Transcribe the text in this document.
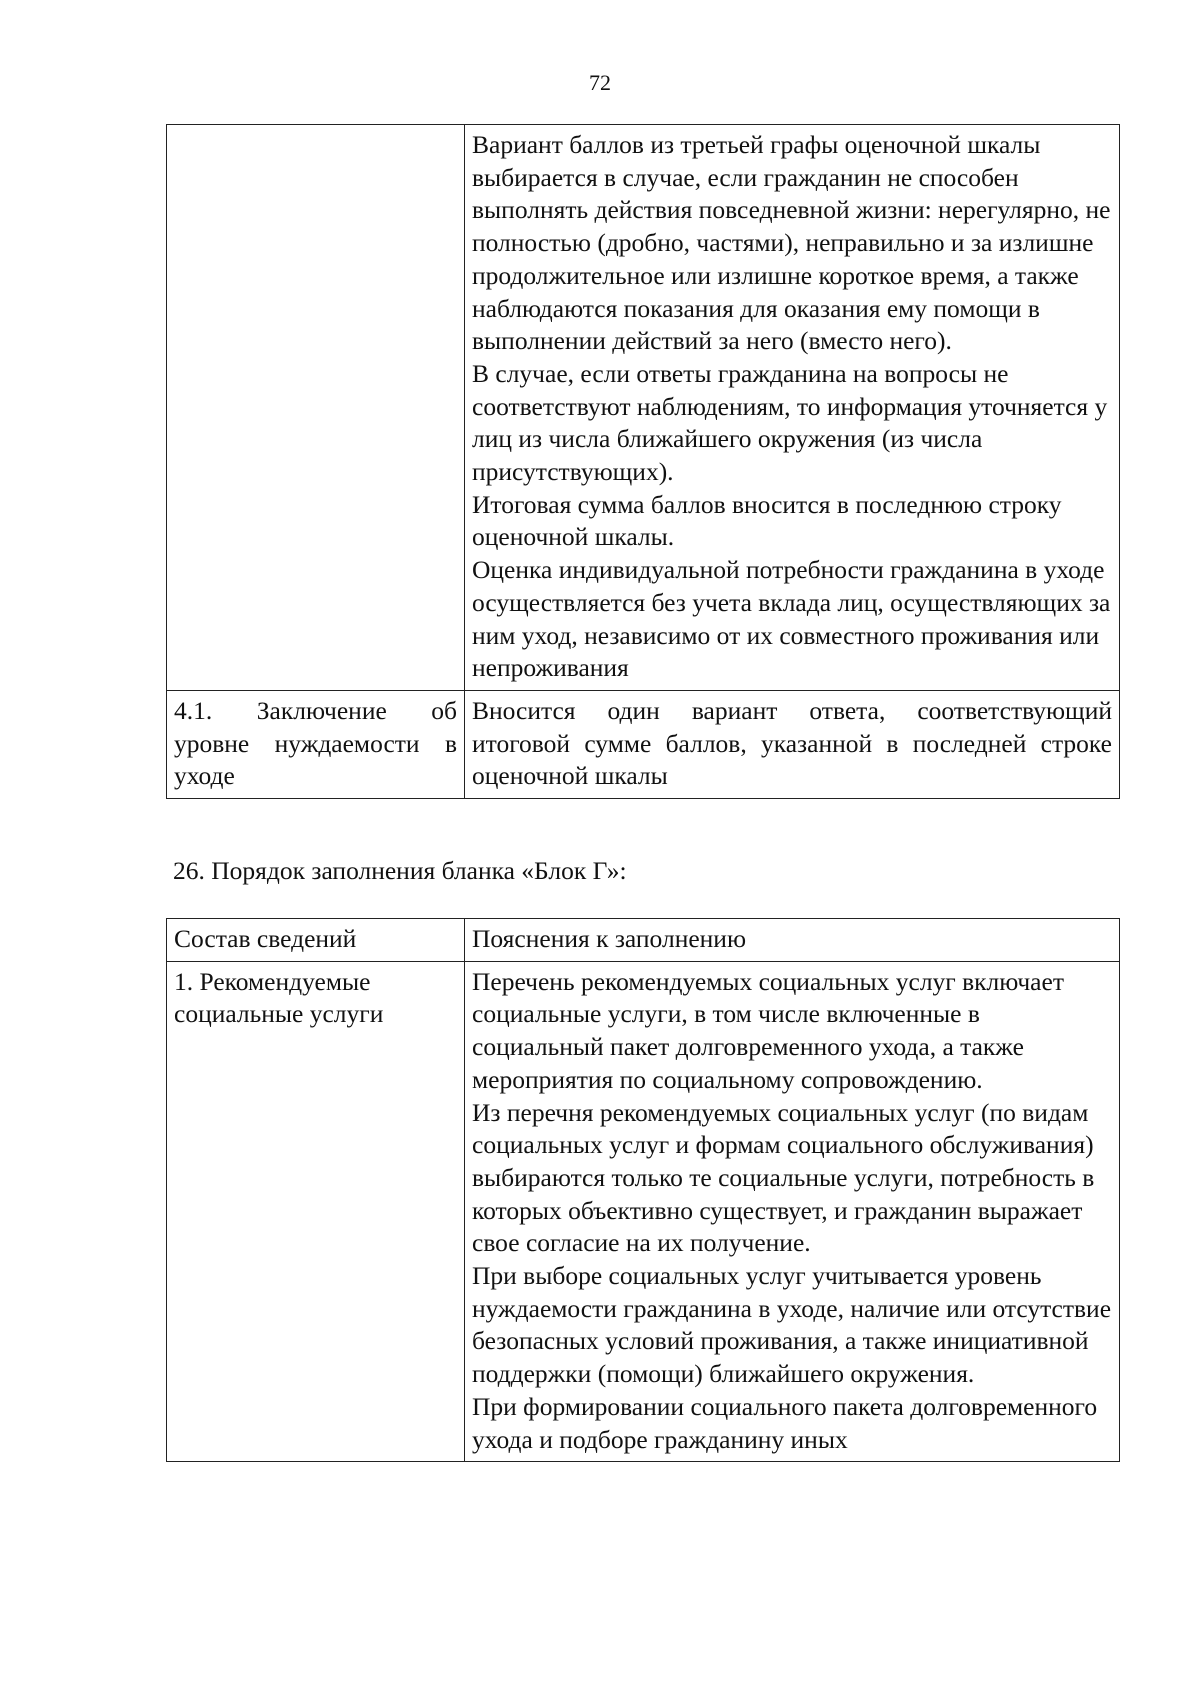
72

	Вариант баллов из третьей графы оценочной шкалы выбирается в случае, если гражданин не способен выполнять действия повседневной жизни: нерегулярно, не полностью (дробно, частями), неправильно и за излишне продолжительное или излишне короткое время, а также наблюдаются показания для оказания ему помощи в выполнении действий за него (вместо него).

В случае, если ответы гражданина на вопросы не соответствуют наблюдениям, то информация уточняется у лиц из числа ближайшего окружения (из числа присутствующих).

Итоговая сумма баллов вносится в последнюю строку оценочной шкалы.

Оценка индивидуальной потребности гражданина в уходе осуществляется без учета вклада лиц, осуществляющих за ним уход, независимо от их совместного проживания или непроживания

4.1. Заключение об уровне нуждаемости в уходе	Вносится один вариант ответа, соответствующий итоговой сумме баллов, указанной в последней строке оценочной шкалы

26. Порядок заполнения бланка «Блок Г»:

Состав сведений	Пояснения к заполнению
1. Рекомендуемые социальные услуги	Перечень рекомендуемых социальных услуг включает социальные услуги, в том числе включенные в социальный пакет долговременного ухода, а также мероприятия по социальному сопровождению.

Из перечня рекомендуемых социальных услуг (по видам социальных услуг и формам социального обслуживания) выбираются только те социальные услуги, потребность в которых объективно существует, и гражданин выражает свое согласие на их получение.

При выборе социальных услуг учитывается уровень нуждаемости гражданина в уходе, наличие или отсутствие безопасных условий проживания, а также инициативной поддержки (помощи) ближайшего окружения.

При формировании социального пакета долговременного ухода и подборе гражданину иных
